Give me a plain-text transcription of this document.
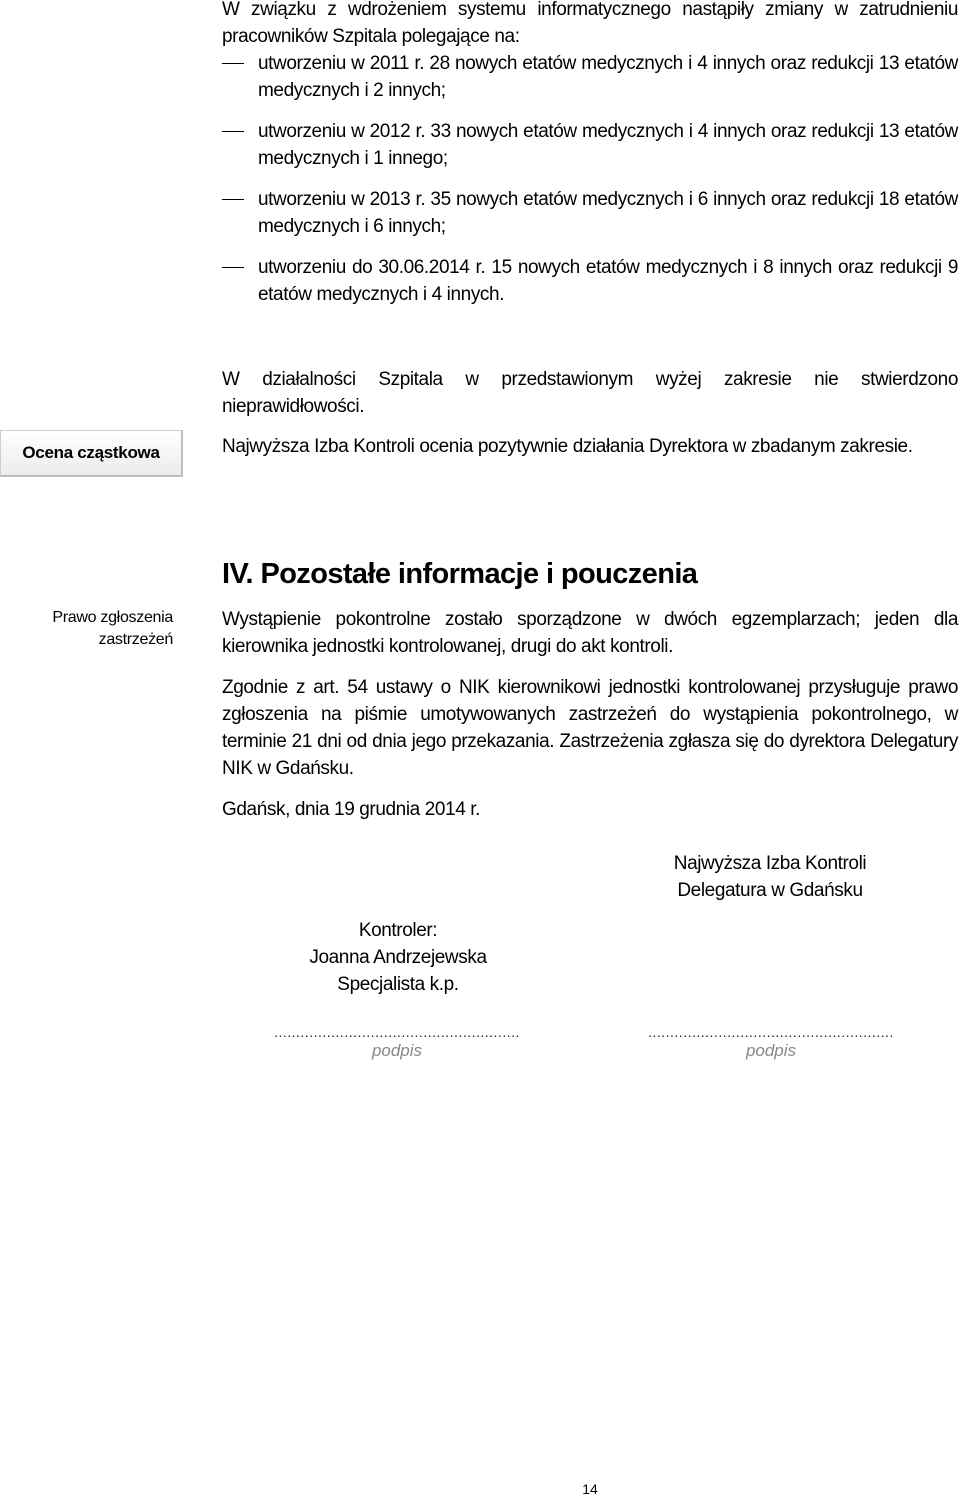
W związku z wdrożeniem systemu informatycznego nastąpiły zmiany w zatrudnieniu pracowników Szpitala polegające na:
utworzeniu w 2011 r. 28 nowych etatów medycznych i 4 innych oraz redukcji 13 etatów medycznych i 2 innych;
utworzeniu w 2012 r. 33 nowych etatów medycznych i 4 innych oraz redukcji 13 etatów medycznych i 1 innego;
utworzeniu w 2013 r. 35 nowych etatów medycznych i 6 innych oraz redukcji 18 etatów medycznych i 6 innych;
utworzeniu do 30.06.2014 r. 15 nowych etatów medycznych i 8 innych oraz redukcji 9 etatów medycznych i 4 innych.
W działalności Szpitala w przedstawionym wyżej zakresie nie stwierdzono nieprawidłowości.
Ocena cząstkowa	Najwyższa Izba Kontroli ocenia pozytywnie działania Dyrektora w zbadanym zakresie.
IV. Pozostałe informacje i pouczenia
Prawo zgłoszenia
zastrzeżeń
Wystąpienie pokontrolne zostało sporządzone w dwóch egzemplarzach; jeden dla kierownika jednostki kontrolowanej, drugi do akt kontroli.
Zgodnie z art. 54 ustawy o NIK kierownikowi jednostki kontrolowanej przysługuje prawo zgłoszenia na piśmie umotywowanych zastrzeżeń do wystąpienia pokontrolnego, w terminie 21 dni od dnia jego przekazania. Zastrzeżenia zgłasza się do dyrektora Delegatury NIK w Gdańsku.
Gdańsk, dnia 19 grudnia 2014 r.
Najwyższa Izba Kontroli
Delegatura w Gdańsku
Kontroler:
Joanna Andrzejewska
Specjalista k.p.
........................................................
podpis
........................................................
podpis
14
